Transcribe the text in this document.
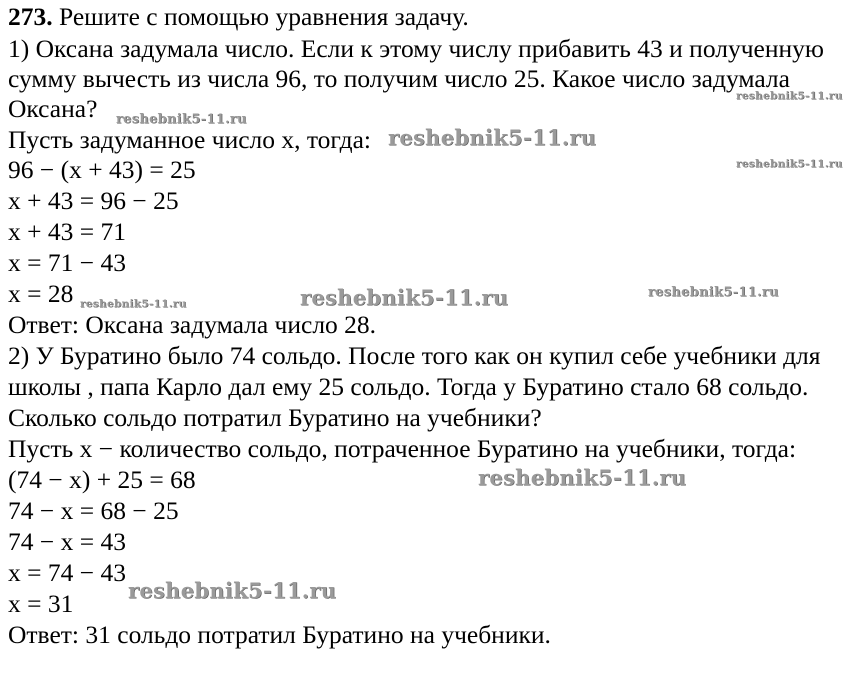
273. Решите с помощью уравнения задачу.
1) Оксана задумала число. Если к этому числу прибавить 43 и полученную
сумму вычесть из числа 96, то получим число 25. Какое число задумала
Оксана?
Пусть задуманное число x, тогда:
96 − (x + 43) = 25
x + 43 = 96 − 25
x + 43 = 71
x = 71 − 43
x = 28
Ответ: Оксана задумала число 28.
2) У Буратино было 74 сольдо. После того как он купил себе учебники для
школы , папа Карло дал ему 25 сольдо. Тогда у Буратино стало 68 сольдо.
Сколько сольдо потратил Буратино на учебники?
Пусть x − количество сольдо, потраченное Буратино на учебники, тогда:
(74 − x) + 25 = 68
74 − x = 68 − 25
74 − x = 43
x = 74 − 43
x = 31
Ответ: 31 сольдо потратил Буратино на учебники.
reshebnik5-11.ru
reshebnik5-11.ru
reshebnik5-11.ru
reshebnik5-11.ru
reshebnik5-11.ru	reshebnik5-11.ru	reshebnik5-11.ru
reshebnik5-11.ru
reshebnik5-11.ru
